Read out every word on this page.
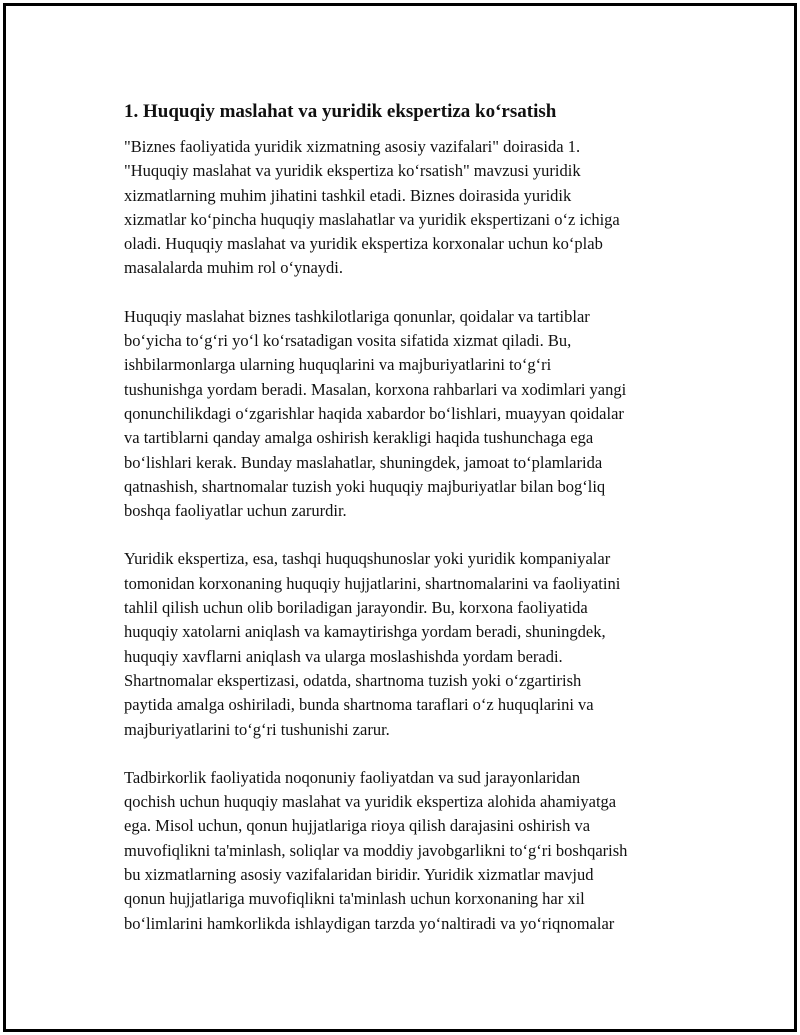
1. Huquqiy maslahat va yuridik ekspertiza koʻrsatish
"Biznes faoliyatida yuridik xizmatning asosiy vazifalari" doirasida 1.
"Huquqiy maslahat va yuridik ekspertiza koʻrsatish" mavzusi yuridik
xizmatlarning muhim jihatini tashkil etadi. Biznes doirasida yuridik
xizmatlar koʻpincha huquqiy maslahatlar va yuridik ekspertizani oʻz ichiga
oladi. Huquqiy maslahat va yuridik ekspertiza korxonalar uchun koʻplab
masalalarda muhim rol oʻynaydi.
Huquqiy maslahat biznes tashkilotlariga qonunlar, qoidalar va tartiblar
boʻyicha toʻgʻri yoʻl koʻrsatadigan vosita sifatida xizmat qiladi. Bu,
ishbilarmonlarga ularning huquqlarini va majburiyatlarini toʻgʻri
tushunishga yordam beradi. Masalan, korxona rahbarlari va xodimlari yangi
qonunchilikdagi oʻzgarishlar haqida xabardor boʻlishlari, muayyan qoidalar
va tartiblarni qanday amalga oshirish kerakligi haqida tushunchaga ega
boʻlishlari kerak. Bunday maslahatlar, shuningdek, jamoat toʻplamlarida
qatnashish, shartnomalar tuzish yoki huquqiy majburiyatlar bilan bogʻliq
boshqa faoliyatlar uchun zarurdir.
Yuridik ekspertiza, esa, tashqi huquqshunoslar yoki yuridik kompaniyalar
tomonidan korxonaning huquqiy hujjatlarini, shartnomalarini va faoliyatini
tahlil qilish uchun olib boriladigan jarayondir. Bu, korxona faoliyatida
huquqiy xatolarni aniqlash va kamaytirishga yordam beradi, shuningdek,
huquqiy xavflarni aniqlash va ularga moslashishda yordam beradi.
Shartnomalar ekspertizasi, odatda, shartnoma tuzish yoki oʻzgartirish
paytida amalga oshiriladi, bunda shartnoma taraflari oʻz huquqlarini va
majburiyatlarini toʻgʻri tushunishi zarur.
Tadbirkorlik faoliyatida noqonuniy faoliyatdan va sud jarayonlaridan
qochish uchun huquqiy maslahat va yuridik ekspertiza alohida ahamiyatga
ega. Misol uchun, qonun hujjatlariga rioya qilish darajasini oshirish va
muvofiqlikni ta'minlash, soliqlar va moddiy javobgarlikni toʻgʻri boshqarish
bu xizmatlarning asosiy vazifalaridan biridir. Yuridik xizmatlar mavjud
qonun hujjatlariga muvofiqlikni ta'minlash uchun korxonaning har xil
boʻlimlarini hamkorlikda ishlaydigan tarzda yoʻnaltiradi va yoʻriqnomalar
